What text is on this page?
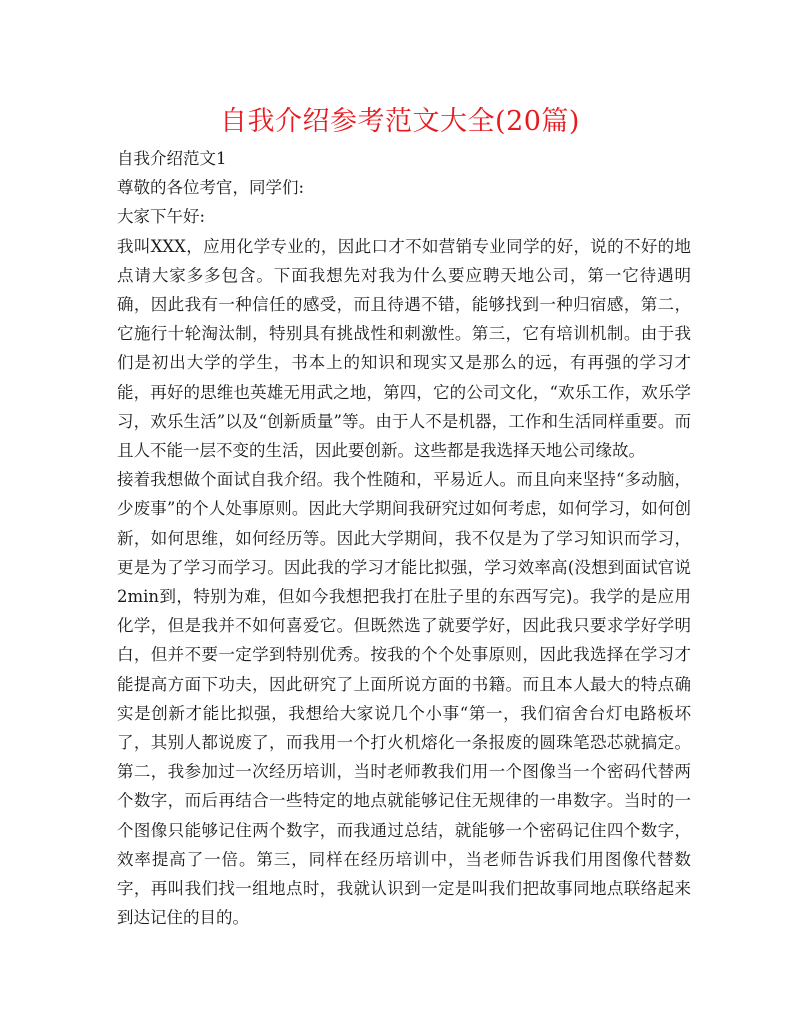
自我介绍参考范文大全(20篇)

自我介绍范文1

尊敬的各位考官，同学们:

大家下午好:

我叫XXX，应用化学专业的，因此口才不如营销专业同学的好，说的不好的地点请大家多多包含。下面我想先对我为什么要应聘天地公司，第一它待遇明确，因此我有一种信任的感受，而且待遇不错，能够找到一种归宿感，第二，它施行十轮淘汰制，特别具有挑战性和刺激性。第三，它有培训机制。由于我们是初出大学的学生，书本上的知识和现实又是那么的远，有再强的学习才能，再好的思维也英雄无用武之地，第四，它的公司文化，“欢乐工作，欢乐学习，欢乐生活”以及“创新质量”等。由于人不是机器，工作和生活同样重要。而且人不能一层不变的生活，因此要创新。这些都是我选择天地公司缘故。

接着我想做个面试自我介绍。我个性随和，平易近人。而且向来坚持“多动脑，少废事”的个人处事原则。因此大学期间我研究过如何考虑，如何学习，如何创新，如何思维，如何经历等。因此大学期间，我不仅是为了学习知识而学习，更是为了学习而学习。因此我的学习才能比拟强，学习效率高(没想到面试官说2min到，特别为难，但如今我想把我打在肚子里的东西写完)。我学的是应用化学，但是我并不如何喜爱它。但既然选了就要学好，因此我只要求学好学明白，但并不要一定学到特别优秀。按我的个个处事原则，因此我选择在学习才能提高方面下功夫，因此研究了上面所说方面的书籍。而且本人最大的特点确实是创新才能比拟强，我想给大家说几个小事“第一，我们宿舍台灯电路板坏了，其别人都说废了，而我用一个打火机熔化一条报废的圆珠笔恐芯就搞定。第二，我参加过一次经历培训，当时老师教我们用一个图像当一个密码代替两个数字，而后再结合一些特定的地点就能够记住无规律的一串数字。当时的一个图像只能够记住两个数字，而我通过总结，就能够一个密码记住四个数字，效率提高了一倍。第三，同样在经历培训中，当老师告诉我们用图像代替数字，再叫我们找一组地点时，我就认识到一定是叫我们把故事同地点联络起来到达记住的目的。
